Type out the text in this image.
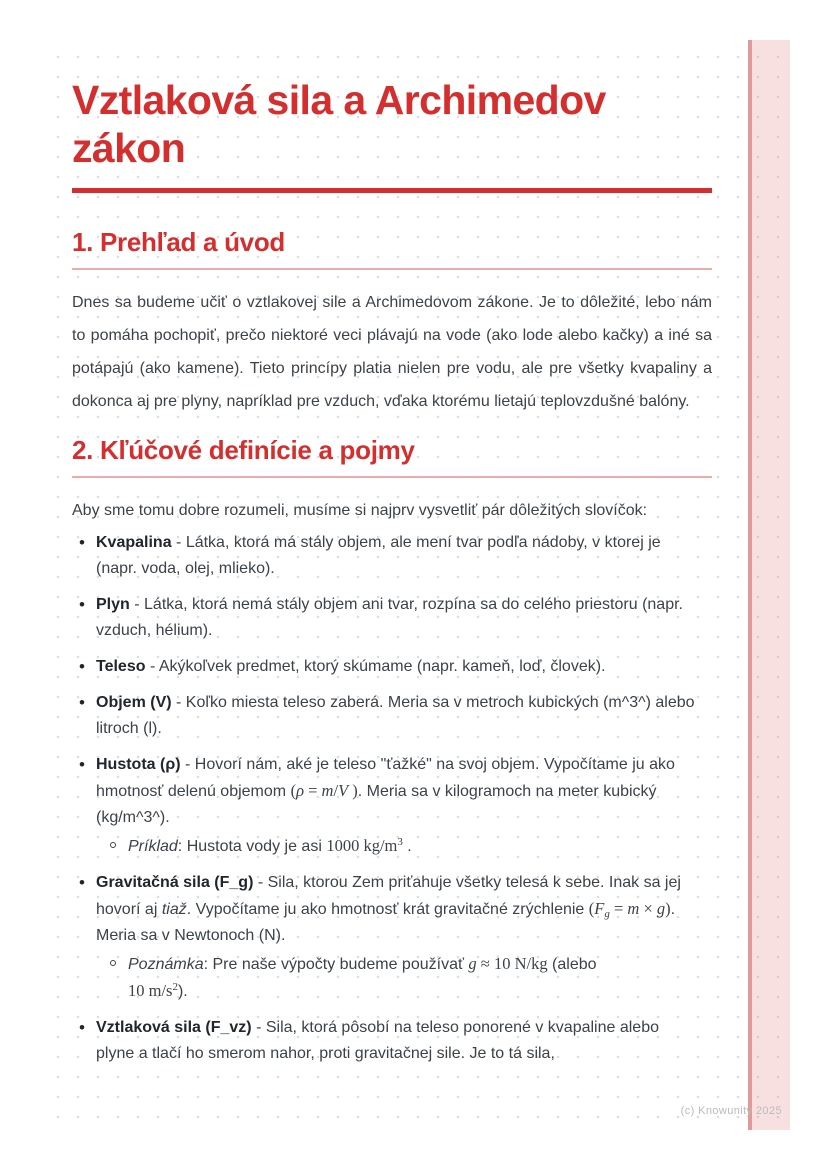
Vztlaková sila a Archimedov zákon
1. Prehľad a úvod

Dnes sa budeme učiť o vztlakovej sile a Archimedovom zákone. Je to dôležité, lebo nám to pomáha pochopiť, prečo niektoré veci plávajú na vode (ako lode alebo kačky) a iné sa potápajú (ako kamene). Tieto princípy platia nielen pre vodu, ale pre všetky kvapaliny a dokonca aj pre plyny, napríklad pre vzduch, vďaka ktorému lietajú teplovzdušné balóny.

2. Kľúčové definície a pojmy

Aby sme tomu dobre rozumeli, musíme si najprv vysvetliť pár dôležitých slovíčok:

• Kvapalina - Látka, ktorá má stály objem, ale mení tvar podľa nádoby, v ktorej je (napr. voda, olej, mlieko).
• Plyn - Látka, ktorá nemá stály objem ani tvar, rozpína sa do celého priestoru (napr. vzduch, hélium).
• Teleso - Akýkoľvek predmet, ktorý skúmame (napr. kameň, loď, človek).
• Objem (V) - Koľko miesta teleso zaberá. Meria sa v metroch kubických (m^3^) alebo litroch (l).
• Hustota (ρ) - Hovorí nám, aké je teleso "ťažké" na svoj objem. Vypočítame ju ako hmotnosť delenú objemom (ρ = m/V ). Meria sa v kilogramoch na meter kubický (kg/m^3^).
Príklad: Hustota vody je asi 1000 $kg/m^3$ .
• Gravitačná sila (F_g) - Sila, ktorou Zem priťahuje všetky telesá k sebe. Inak sa jej hovorí aj tiaž. Vypočítame ju ako hmotnosť krát gravitačné zrýchlenie (Fg = m × g). Meria sa v Newtonoch (N).
Poznámka: Pre naše výpočty budeme používať g ≈ 10 N/kg (alebo
10 $m/s^2$).
• Vztlaková sila (F_vz) - Sila, ktorá pôsobí na teleso ponorené v kvapaline alebo plyne a tlačí ho smerom nahor, proti gravitačnej sile. Je to tá sila,
(c) Knowunity 2025
